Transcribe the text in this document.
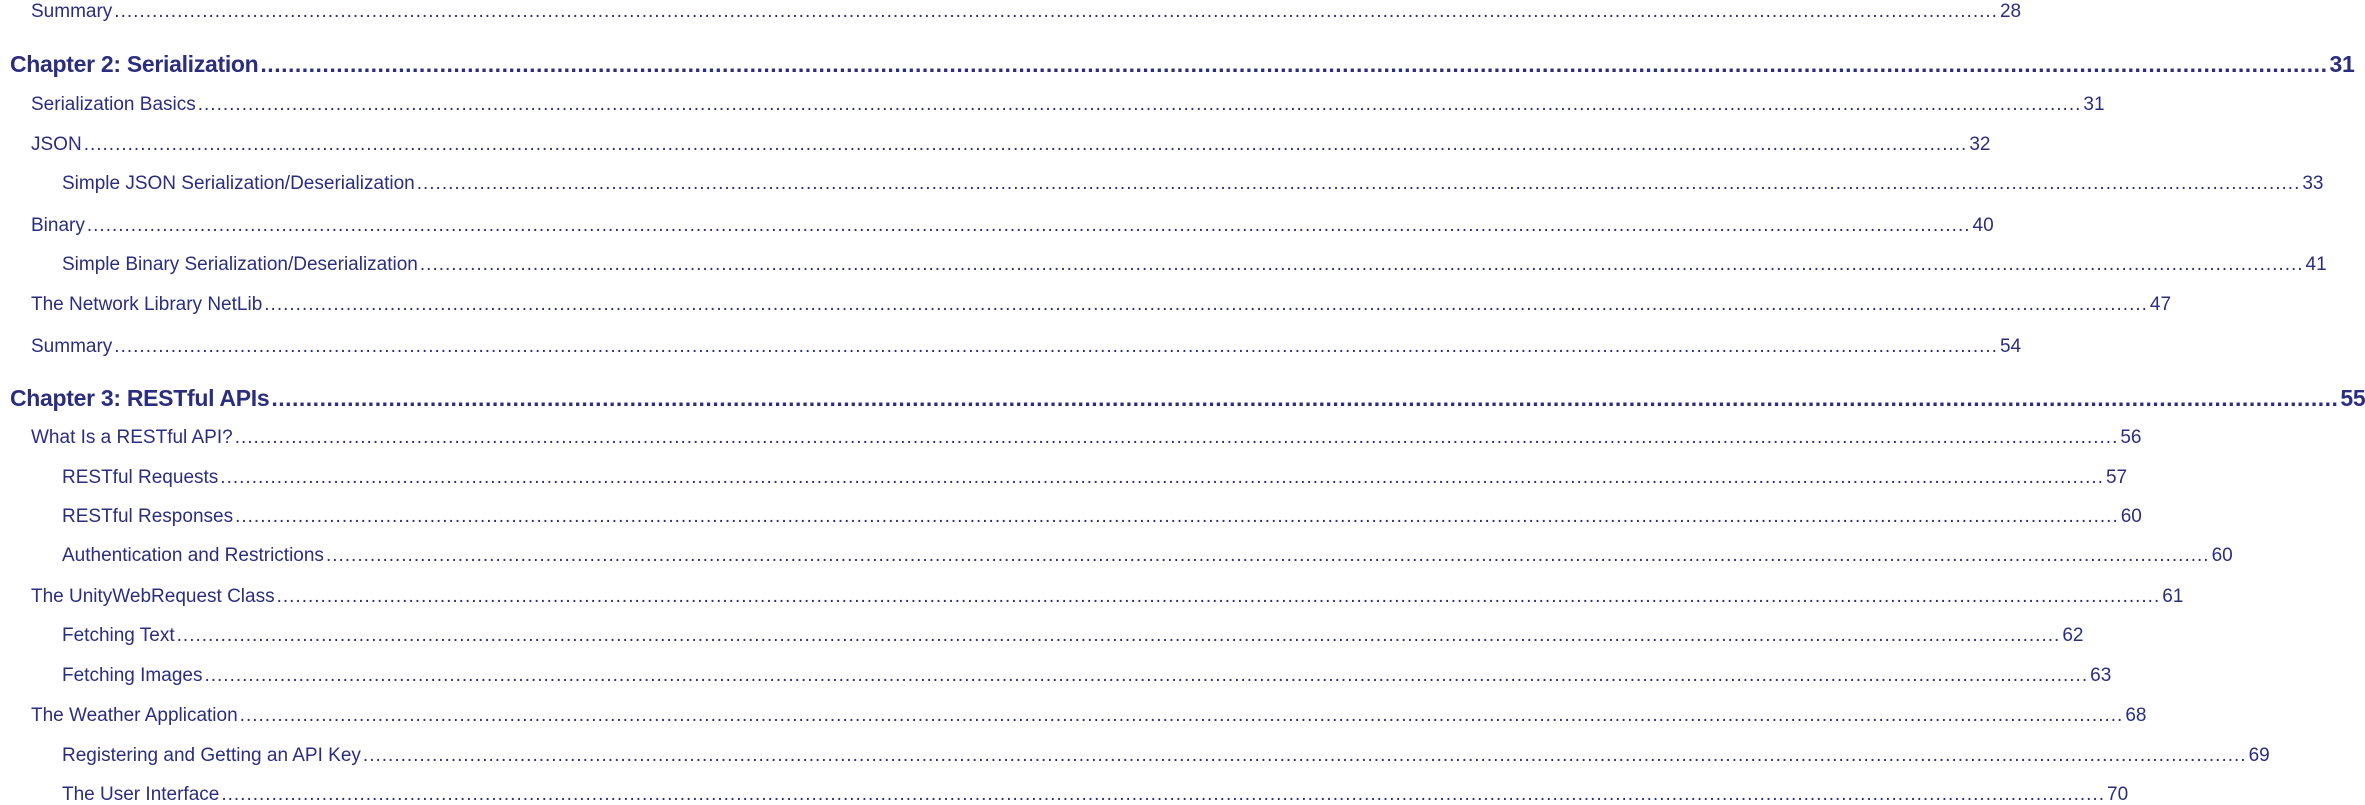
Summary ............................................................................................................................................................................................................................................................................................................ 28
Chapter 2: Serialization ............................................................................................................................................................................................................................................................................................................ 31
Serialization Basics ............................................................................................................................................................................................................................................................................................................ 31
JSON ............................................................................................................................................................................................................................................................................................................ 32
Simple JSON Serialization/Deserialization ............................................................................................................................................................................................................................................................................................................ 33
Binary ............................................................................................................................................................................................................................................................................................................ 40
Simple Binary Serialization/Deserialization ............................................................................................................................................................................................................................................................................................................ 41
The Network Library NetLib ............................................................................................................................................................................................................................................................................................................ 47
Summary ............................................................................................................................................................................................................................................................................................................ 54
Chapter 3: RESTful APIs ............................................................................................................................................................................................................................................................................................................ 55
What Is a RESTful API? ............................................................................................................................................................................................................................................................................................................ 56
RESTful Requests ............................................................................................................................................................................................................................................................................................................ 57
RESTful Responses ............................................................................................................................................................................................................................................................................................................ 60
Authentication and Restrictions ............................................................................................................................................................................................................................................................................................................ 60
The UnityWebRequest Class ............................................................................................................................................................................................................................................................................................................ 61
Fetching Text ............................................................................................................................................................................................................................................................................................................ 62
Fetching Images ............................................................................................................................................................................................................................................................................................................ 63
The Weather Application ............................................................................................................................................................................................................................................................................................................ 68
Registering and Getting an API Key ............................................................................................................................................................................................................................................................................................................ 69
The User Interface ............................................................................................................................................................................................................................................................................................................ 70
